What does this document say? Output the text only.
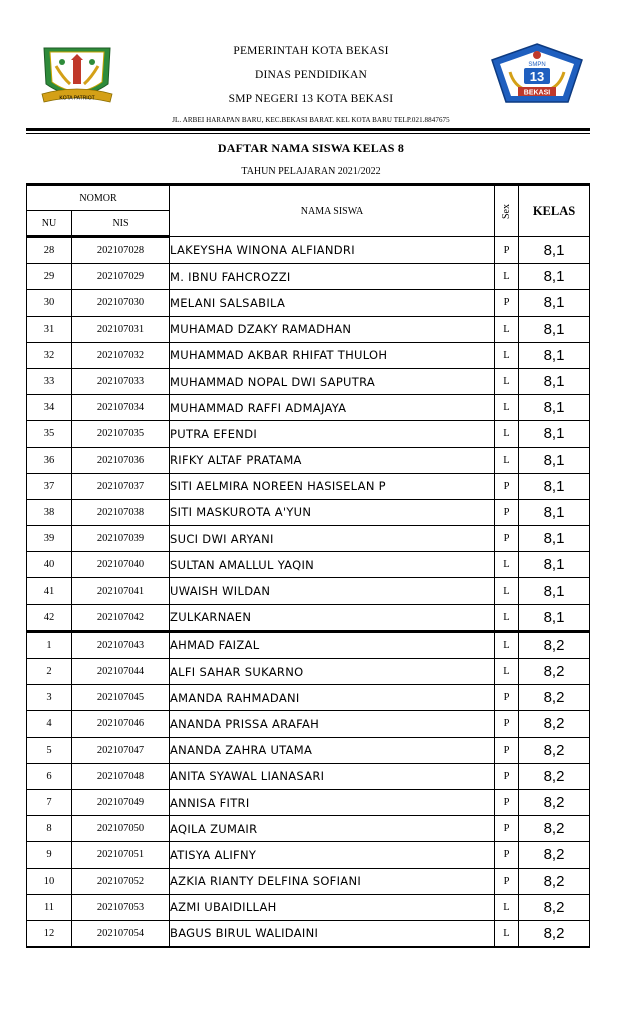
KOTA PATRIOT
PEMERINTAH KOTA BEKASI
DINAS PENDIDIKAN
SMP NEGERI 13 KOTA BEKASI
SMPN
13
BEKASI
JL. ARBEI HARAPAN BARU, KEC.BEKASI BARAT. KEL KOTA BARU TELP.021.8847675
DAFTAR NAMA SISWA KELAS 8
TAHUN PELAJARAN 2021/2022
NOMOR		NAMA SISWA	Sex	KELAS
NU	NIS			
28	202107028	LAKEYSHA WINONA ALFIANDRI	P	8,1
29	202107029	M. IBNU FAHCROZZI	L	8,1
30	202107030	MELANI SALSABILA	P	8,1
31	202107031	MUHAMAD DZAKY RAMADHAN	L	8,1
32	202107032	MUHAMMAD AKBAR RHIFAT THULOH	L	8,1
33	202107033	MUHAMMAD NOPAL DWI SAPUTRA	L	8,1
34	202107034	MUHAMMAD RAFFI ADMAJAYA	L	8,1
35	202107035	PUTRA EFENDI	L	8,1
36	202107036	RIFKY ALTAF PRATAMA	L	8,1
37	202107037	SITI AELMIRA NOREEN HASISELAN P	P	8,1
38	202107038	SITI MASKUROTA A'YUN	P	8,1
39	202107039	SUCI DWI ARYANI	P	8,1
40	202107040	SULTAN AMALLUL YAQIN	L	8,1
41	202107041	UWAISH WILDAN	L	8,1
42	202107042	ZULKARNAEN	L	8,1
1	202107043	AHMAD FAIZAL	L	8,2
2	202107044	ALFI SAHAR SUKARNO	L	8,2
3	202107045	AMANDA RAHMADANI	P	8,2
4	202107046	ANANDA PRISSA ARAFAH	P	8,2
5	202107047	ANANDA ZAHRA UTAMA	P	8,2
6	202107048	ANITA SYAWAL LIANASARI	P	8,2
7	202107049	ANNISA FITRI	P	8,2
8	202107050	AQILA ZUMAIR	P	8,2
9	202107051	ATISYA ALIFNY	P	8,2
10	202107052	AZKIA RIANTY DELFINA SOFIANI	P	8,2
11	202107053	AZMI UBAIDILLAH	L	8,2
12	202107054	BAGUS BIRUL WALIDAINI	L	8,2
